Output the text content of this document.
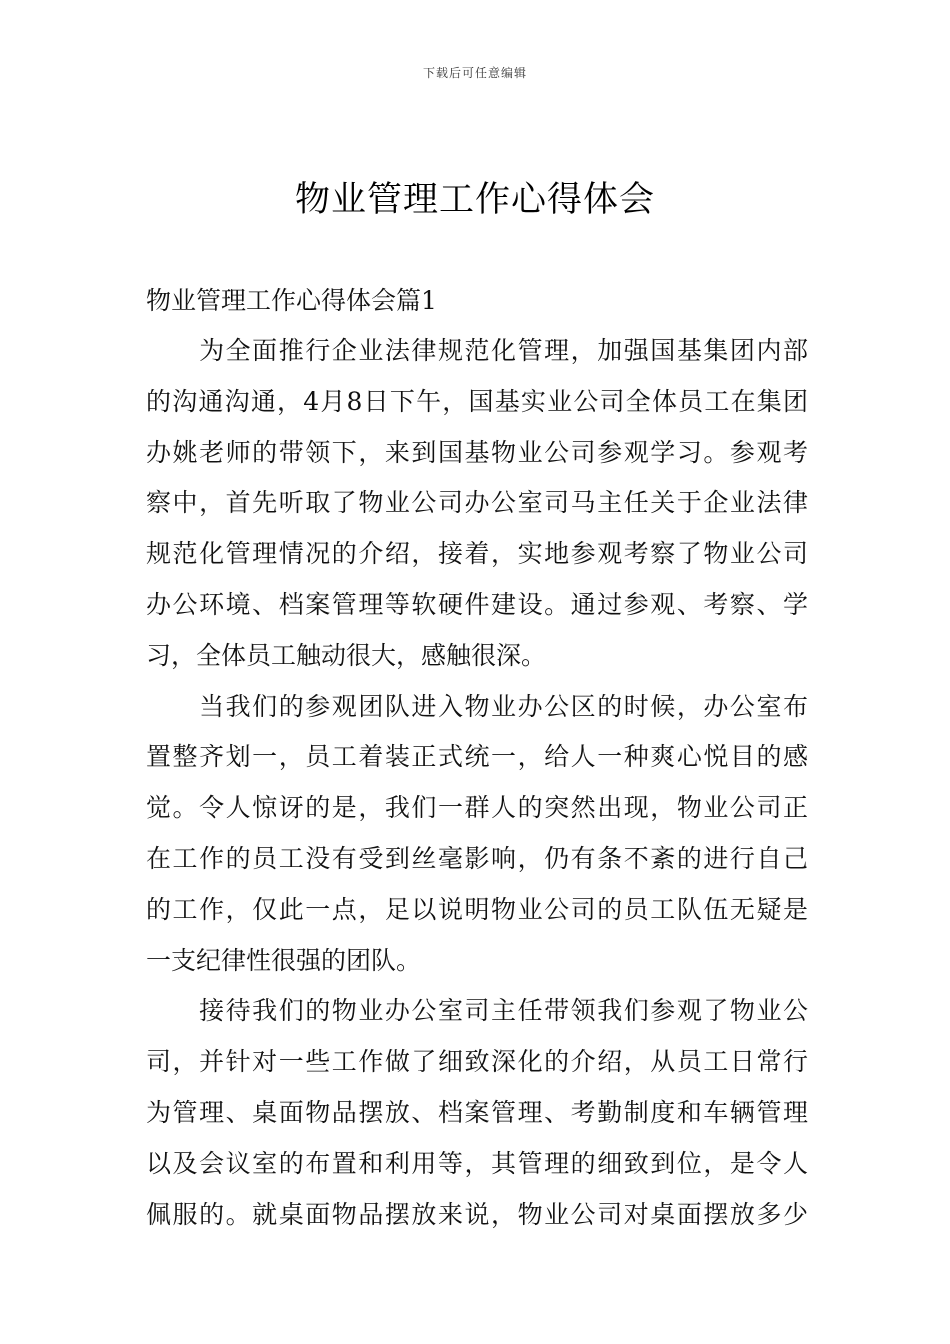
下载后可任意编辑
物业管理工作心得体会
物业管理工作心得体会篇1

　　为全面推行企业法律规范化管理，加强国基集团内部
的沟通沟通，4月8日下午，国基实业公司全体员工在集团
办姚老师的带领下，来到国基物业公司参观学习。参观考
察中，首先听取了物业公司办公室司马主任关于企业法律
规范化管理情况的介绍，接着，实地参观考察了物业公司
办公环境、档案管理等软硬件建设。通过参观、考察、学
习，全体员工触动很大，感触很深。

　　当我们的参观团队进入物业办公区的时候，办公室布
置整齐划一，员工着装正式统一，给人一种爽心悦目的感
觉。令人惊讶的是，我们一群人的突然出现，物业公司正
在工作的员工没有受到丝毫影响，仍有条不紊的进行自己
的工作，仅此一点，足以说明物业公司的员工队伍无疑是
一支纪律性很强的团队。

　　接待我们的物业办公室司主任带领我们参观了物业公
司，并针对一些工作做了细致深化的介绍，从员工日常行
为管理、桌面物品摆放、档案管理、考勤制度和车辆管理
以及会议室的布置和利用等，其管理的细致到位，是令人
佩服的。就桌面物品摆放来说，物业公司对桌面摆放多少
